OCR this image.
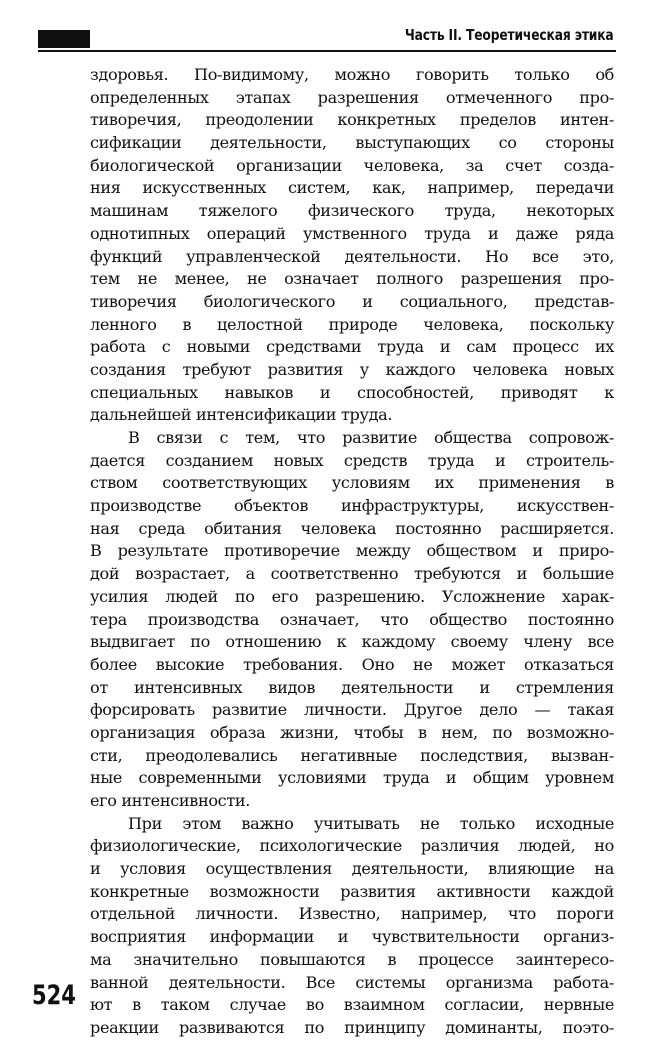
Часть II. Теоретическая этика
здоровья. По-видимому, можно говорить только об
определенных этапах разрешения отмеченного про-
тиворечия, преодолении конкретных пределов интен-
сификации деятельности, выступающих со стороны
биологической организации человека, за счет созда-
ния искусственных систем, как, например, передачи
машинам тяжелого физического труда, некоторых
однотипных операций умственного труда и даже ряда
функций управленческой деятельности. Но все это,
тем не менее, не означает полного разрешения про-
тиворечия биологического и социального, представ-
ленного в целостной природе человека, поскольку
работа с новыми средствами труда и сам процесс их
создания требуют развития у каждого человека новых
специальных навыков и способностей, приводят к
дальнейшей интенсификации труда.
В связи с тем, что развитие общества сопровож-
дается созданием новых средств труда и строитель-
ством соответствующих условиям их применения в
производстве объектов инфраструктуры, искусствен-
ная среда обитания человека постоянно расширяется.
В результате противоречие между обществом и приро-
дой возрастает, а соответственно требуются и большие
усилия людей по его разрешению. Усложнение харак-
тера производства означает, что общество постоянно
выдвигает по отношению к каждому своему члену все
более высокие требования. Оно не может отказаться
от интенсивных видов деятельности и стремления
форсировать развитие личности. Другое дело — такая
организация образа жизни, чтобы в нем, по возможно-
сти, преодолевались негативные последствия, вызван-
ные современными условиями труда и общим уровнем
его интенсивности.
При этом важно учитывать не только исходные
физиологические, психологические различия людей, но
и условия осуществления деятельности, влияющие на
конкретные возможности развития активности каждой
отдельной личности. Известно, например, что пороги
восприятия информации и чувствительности организ-
ма значительно повышаются в процессе заинтересо-
ванной деятельности. Все системы организма работа-
ют в таком случае во взаимном согласии, нервные
реакции развиваются по принципу доминанты, поэто-
524
